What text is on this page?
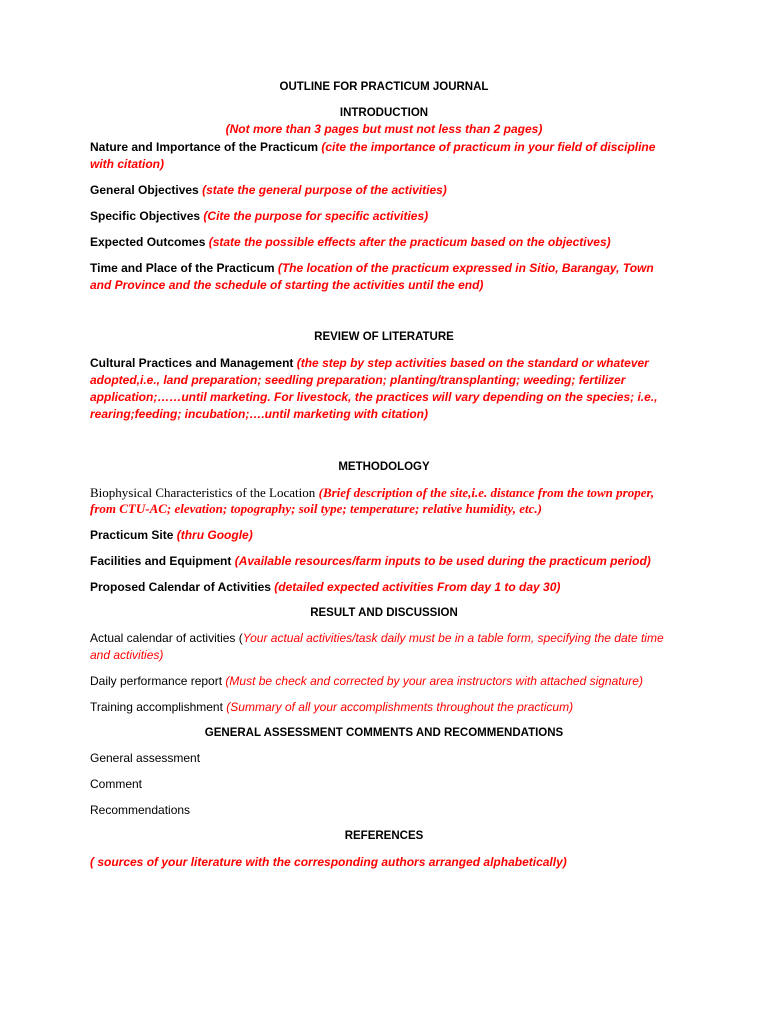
OUTLINE FOR PRACTICUM JOURNAL

INTRODUCTION

(Not more than 3 pages but must not less than 2 pages)

Nature and Importance of the Practicum (cite the importance of practicum in your field of discipline with citation)

General Objectives (state the general purpose of the activities)

Specific Objectives (Cite the purpose for specific activities)

Expected Outcomes (state the possible effects after the practicum based on the objectives)

Time and Place of the Practicum (The location of the practicum expressed in Sitio, Barangay, Town and Province and the schedule of starting the activities until the end)

REVIEW OF LITERATURE

Cultural Practices and Management (the step by step activities based on the standard or whatever adopted,i.e., land preparation; seedling preparation; planting/transplanting; weeding; fertilizer application;……until marketing. For livestock, the practices will vary depending on the species; i.e., rearing;feeding; incubation;….until marketing with citation)

METHODOLOGY

Biophysical Characteristics of the Location (Brief description of the site,i.e. distance from the town proper, from CTU-AC; elevation; topography; soil type; temperature; relative humidity, etc.)

Practicum Site (thru Google)

Facilities and Equipment (Available resources/farm inputs to be used during the practicum period)

Proposed Calendar of Activities (detailed expected activities From day 1 to day 30)

RESULT AND DISCUSSION

Actual calendar of activities (Your actual activities/task daily must be in a table form, specifying the date time and activities)

Daily performance report (Must be check and corrected by your area instructors with attached signature)

Training accomplishment (Summary of all your accomplishments throughout the practicum)

GENERAL ASSESSMENT COMMENTS AND RECOMMENDATIONS

General assessment

Comment

Recommendations

REFERENCES

( sources of your literature with the corresponding authors arranged alphabetically)
